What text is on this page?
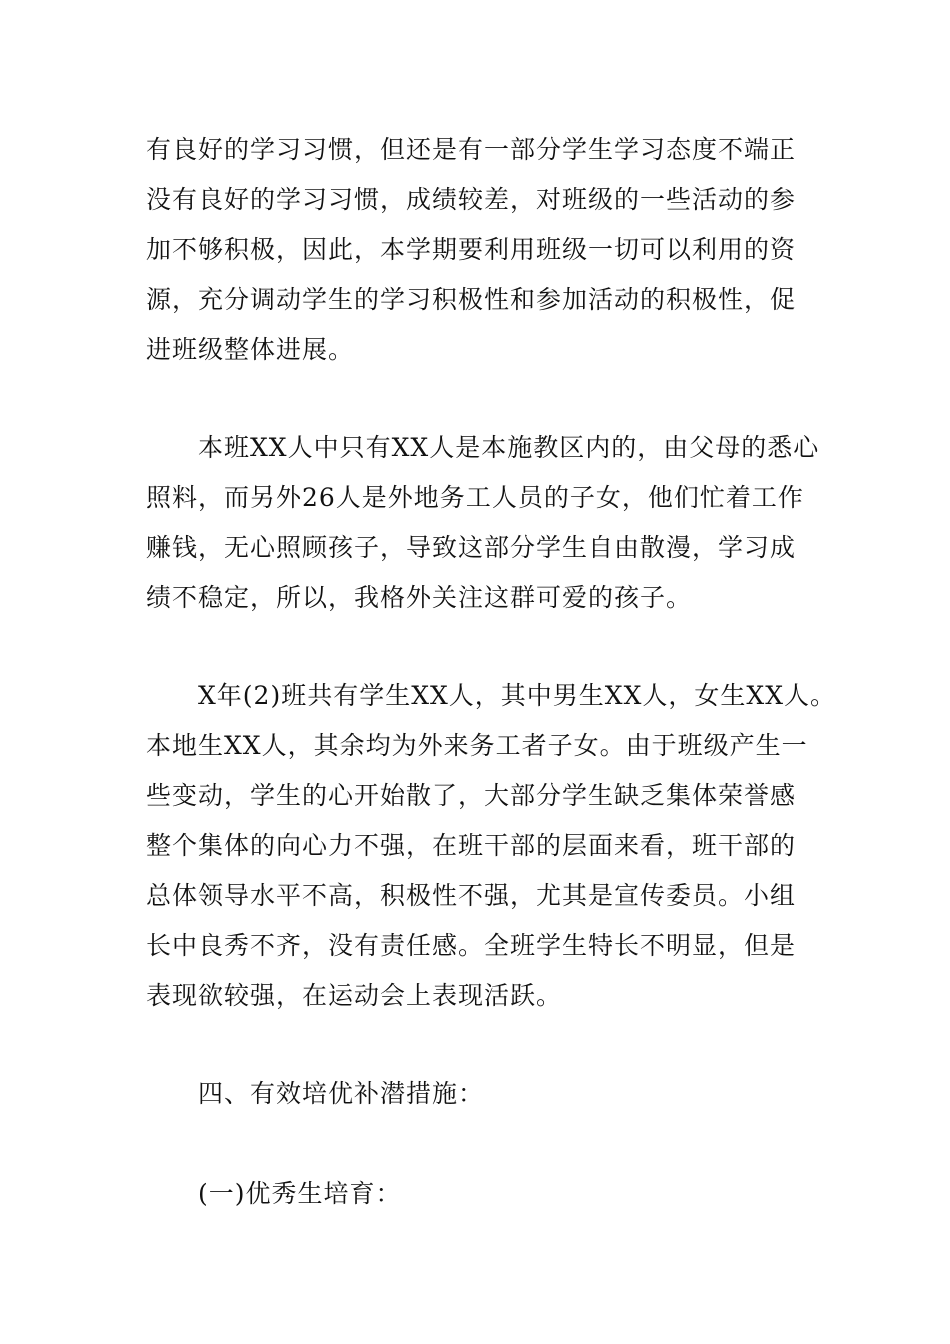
有良好的学习习惯，但还是有一部分学生学习态度不端正
没有良好的学习习惯，成绩较差，对班级的一些活动的参
加不够积极，因此，本学期要利用班级一切可以利用的资
源，充分调动学生的学习积极性和参加活动的积极性，促
进班级整体进展。
本班XX人中只有XX人是本施教区内的，由父母的悉心
照料，而另外26人是外地务工人员的子女，他们忙着工作
赚钱，无心照顾孩子，导致这部分学生自由散漫，学习成
绩不稳定，所以，我格外关注这群可爱的孩子。
X年(2)班共有学生XX人，其中男生XX人，女生XX人。
本地生XX人，其余均为外来务工者子女。由于班级产生一
些变动，学生的心开始散了，大部分学生缺乏集体荣誉感
整个集体的向心力不强，在班干部的层面来看，班干部的
总体领导水平不高，积极性不强，尤其是宣传委员。小组
长中良秀不齐，没有责任感。全班学生特长不明显，但是
表现欲较强，在运动会上表现活跃。
四、有效培优补潜措施：
(一)优秀生培育：
